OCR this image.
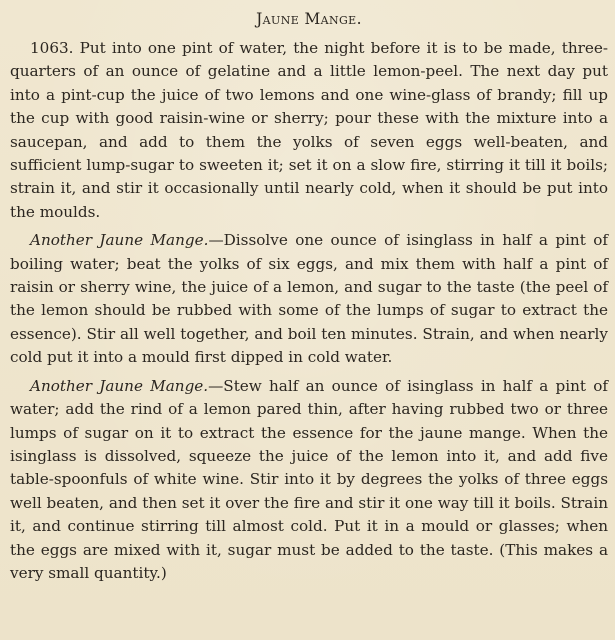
Jaune Mange.

1063. Put into one pint of water, the night before it is to be made, three-quarters of an ounce of gelatine and a little lemon-peel. The next day put into a pint-cup the juice of two lemons and one wine-glass of brandy; fill up the cup with good raisin-wine or sherry; pour these with the mixture into a saucepan, and add to them the yolks of seven eggs well-beaten, and sufficient lump-sugar to sweeten it; set it on a slow fire, stirring it till it boils; strain it, and stir it occasionally until nearly cold, when it should be put into the moulds.

Another Jaune Mange.—Dissolve one ounce of isinglass in half a pint of boiling water; beat the yolks of six eggs, and mix them with half a pint of raisin or sherry wine, the juice of a lemon, and sugar to the taste (the peel of the lemon should be rubbed with some of the lumps of sugar to extract the essence). Stir all well together, and boil ten minutes. Strain, and when nearly cold put it into a mould first dipped in cold water.

Another Jaune Mange.—Stew half an ounce of isinglass in half a pint of water; add the rind of a lemon pared thin, after having rubbed two or three lumps of sugar on it to extract the essence for the jaune mange. When the isinglass is dissolved, squeeze the juice of the lemon into it, and add five table-spoonfuls of white wine. Stir into it by degrees the yolks of three eggs well beaten, and then set it over the fire and stir it one way till it boils. Strain it, and continue stirring till almost cold. Put it in a mould or glasses; when the eggs are mixed with it, sugar must be added to the taste. (This makes a very small quantity.)
